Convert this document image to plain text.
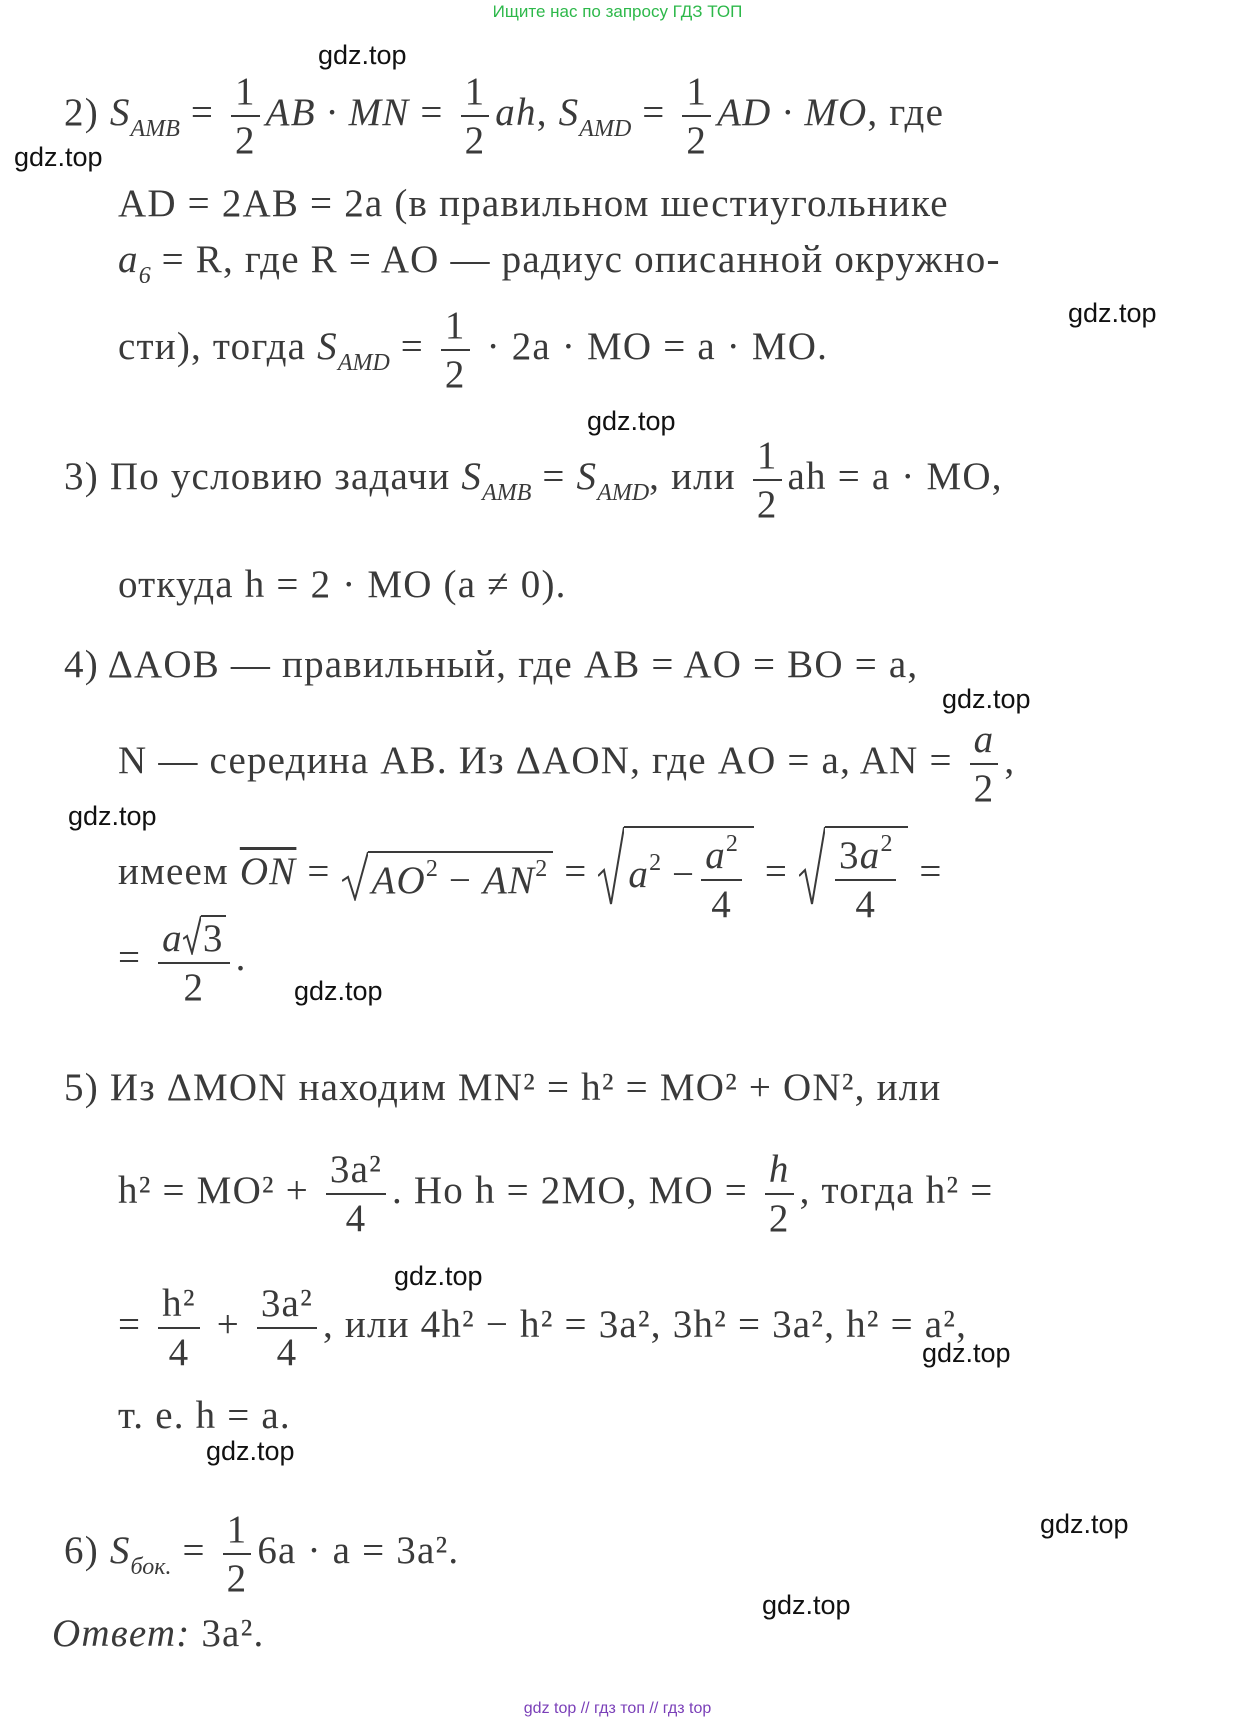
Ищите нас по запросу ГДЗ ТОП
gdz.top
gdz.top
gdz.top
gdz.top
gdz.top
gdz.top
gdz.top
gdz.top
gdz.top
gdz.top
gdz.top
gdz.top
2) $S_{AMB} = \frac{1}{2}$ AB · MN = $\frac{1}{2}$ ah, $S_{AMD} = \frac{1}{2}$ AD · MO, где
AD = 2AB = 2a (в правильном шестиугольнике
$a_6 = R$, где R = AO — радиус описанной окружно-
сти), тогда $S_{AMD} = \frac{1}{2} \cdot 2a$ · MO = a · MO.
3) По условию задачи $S_{AMB} = S_{AMD}$, или $\frac{1}{2}$ ah = a · MO,
откуда h = 2 · MO (a ≠ 0).
4) ΔAOB — правильный, где AB = AO = BO = a,
N — середина AB. Из ΔAON, где AO = a, AN = $\frac{a}{2}$ ,
имеем $\overline{ON} = AO^2 - AN^2 = a^2 - \frac{a^2}{4} = \frac{3a^2}{4}$ =
= $\frac{a 3}{2}$ .
5) Из ΔMON находим MN² = h² = MO² + ON², или
$h^2 = MO^2 + \frac{\text{3a²}}{4}$ . Но h = 2MO, MO = $\frac{h}{2}$ , тогда h² =
= $\frac{\text{h²}}{4} + \frac{\text{3a²}}{4}$ , или 4h² − h² = 3a², 3h² = 3a², h² = a²,
т. е. h = a.
6) $S_{бок.} = \frac{1}{2} 6a \cdot a = 3a^2$.
Ответ: 3a².
gdz top // гдз топ // гдз top
